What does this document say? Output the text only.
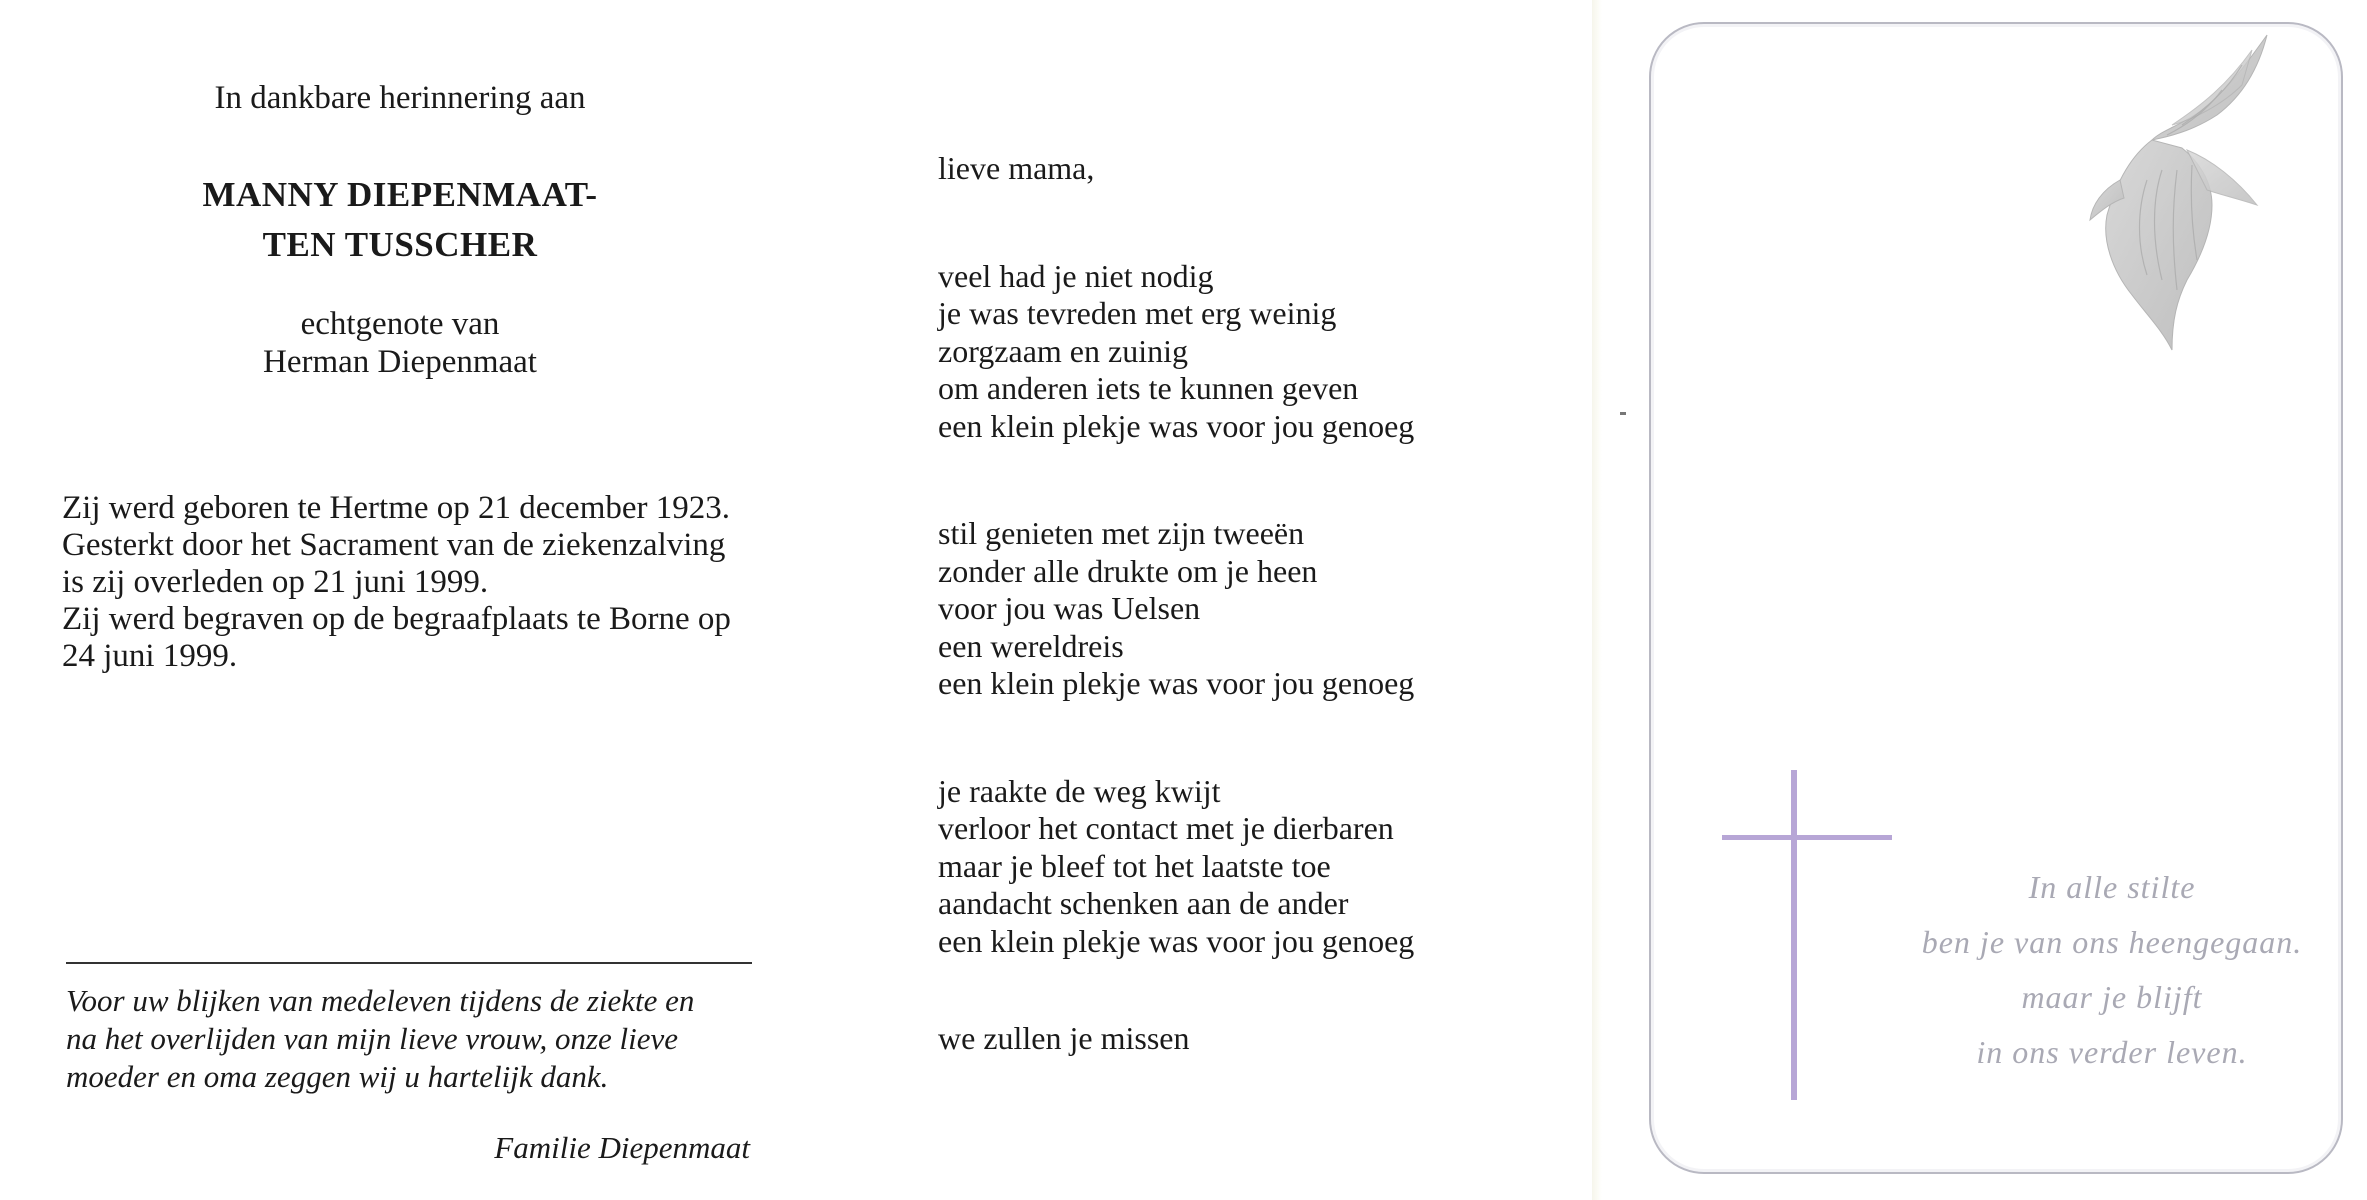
In dankbare herinnering aan
MANNY DIEPENMAAT-
TEN TUSSCHER
echtgenote van
Herman Diepenmaat
Zij werd geboren te Hertme op 21 december 1923.
Gesterkt door het Sacrament van de ziekenzalving
is zij overleden op 21 juni 1999.
Zij werd begraven op de begraafplaats te Borne op
24 juni 1999.
Voor uw blijken van medeleven tijdens de ziekte en
na het overlijden van mijn lieve vrouw, onze lieve
moeder en oma zeggen wij u hartelijk dank.
Familie Diepenmaat
lieve mama,
veel had je niet nodig
je was tevreden met erg weinig
zorgzaam en zuinig
om anderen iets te kunnen geven
een klein plekje was voor jou genoeg
stil genieten met zijn tweeën
zonder alle drukte om je heen
voor jou was Uelsen
een wereldreis
een klein plekje was voor jou genoeg
je raakte de weg kwijt
verloor het contact met je dierbaren
maar je bleef tot het laatste toe
aandacht schenken aan de ander
een klein plekje was voor jou genoeg
we zullen je missen
In alle stilte
ben je van ons heengegaan.
maar je blijft
in ons verder leven.
